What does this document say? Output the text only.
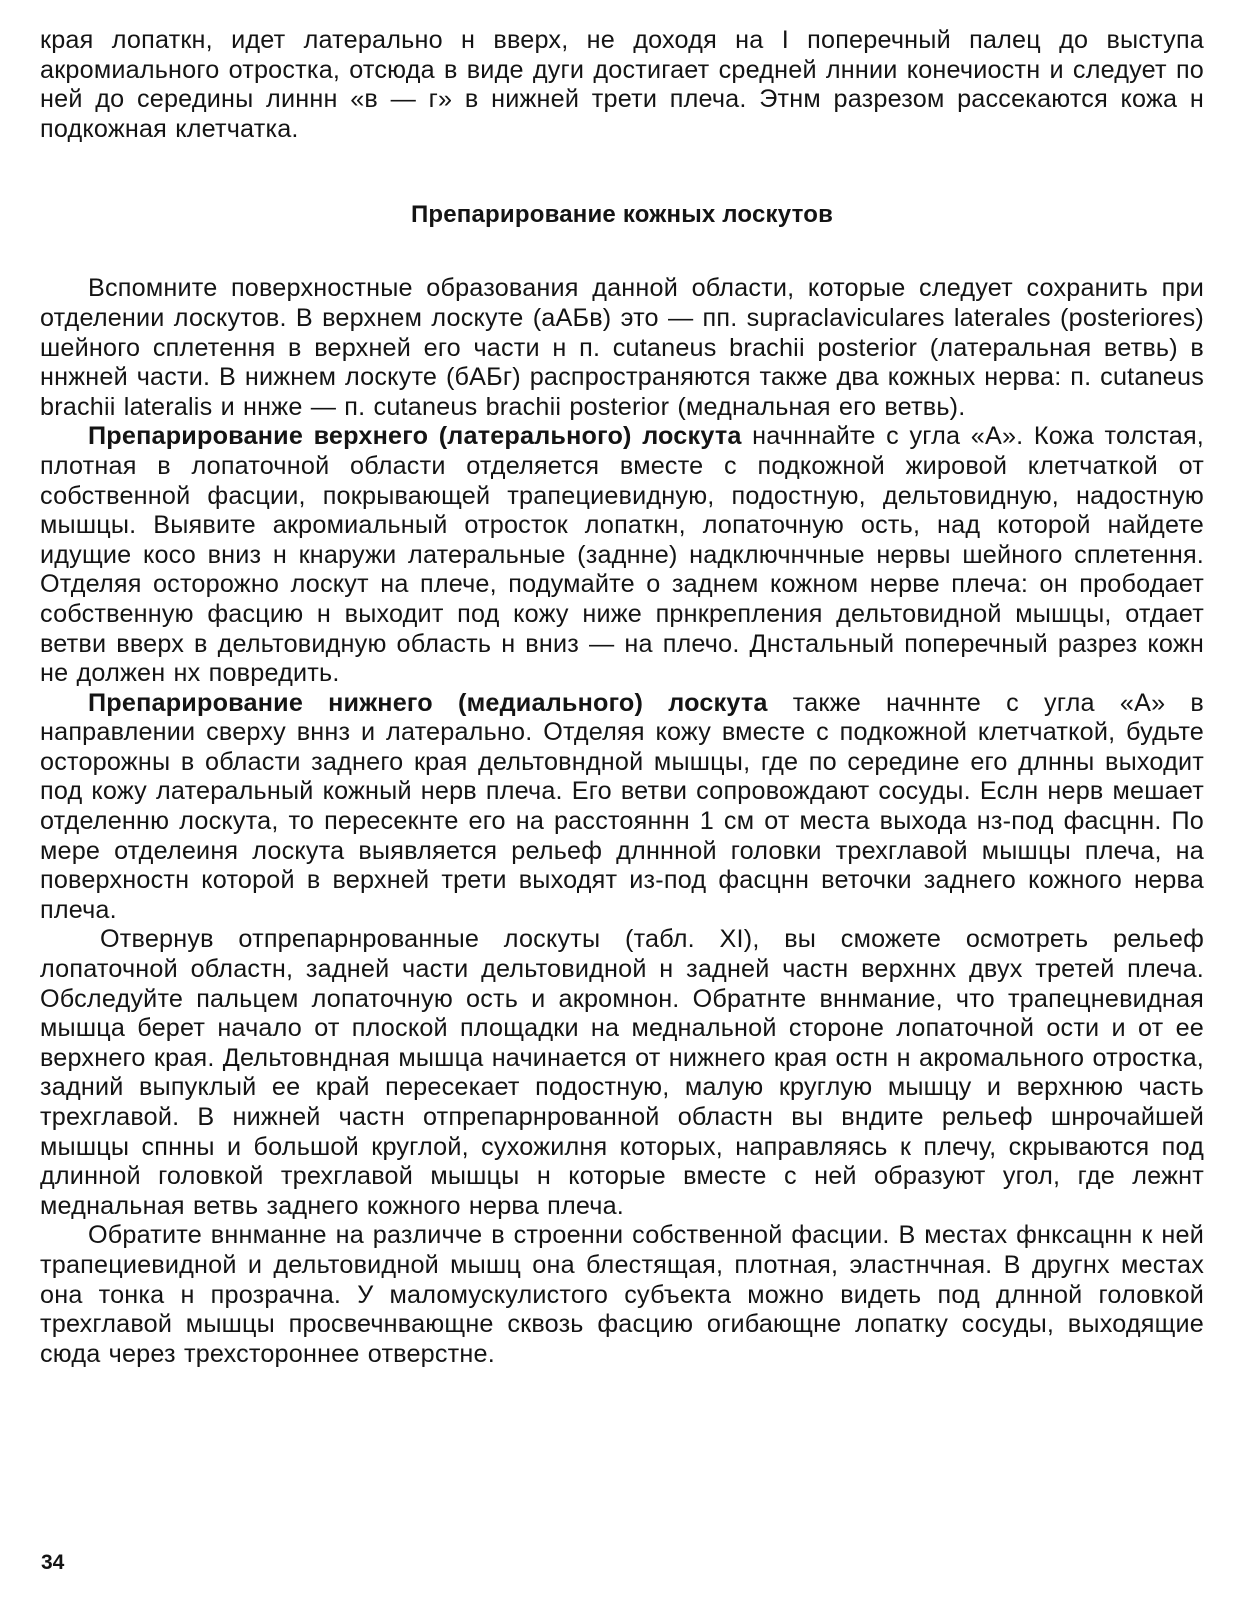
края лопаткн, идет латерально н вверх, не доходя на I поперечный палец до выступа акромиального отростка, отсюда в виде дуги достигает средней лннии конечиостн и следует по ней до середины линнн «в — г» в нижней трети плеча. Этнм разрезом рассекаются кожа н подкожная клетчатка.

Препарирование кожных лоскутов

Вспомните поверхностные образования данной области, которые следует сохранить при отделении лоскутов. В верхнем лоскуте (аАБв) это — пп. supraclaviculares laterales (posteriores) шейного сплетення в верхней его части н п. cutaneus brachii posterior (латеральная ветвь) в ннжней части. В нижнем лоскуте (бАБг) распространяются также два кожных нерва: п. cutaneus brachii lateralis и ннже — п. cutaneus brachii posterior (меднальная его ветвь).

Препарирование верхнего (латерального) лоскута начннайте с угла «А». Кожа толстая, плотная в лопаточной области отделяется вместе с подкожной жировой клетчаткой от собственной фасции, покрывающей трапециевидную, подостную, дельтовидную, надостную мышцы. Выявите акромиальный отросток лопаткн, лопаточную ость, над которой найдете идущие косо вниз н кнаружи латеральные (заднне) надключнчные нервы шейного сплетення. Отделяя осторожно лоскут на плече, подумайте о заднем кожном нерве плеча: он прободает собственную фасцию н выходит под кожу ниже прнкрепления дельтовидной мышцы, отдает ветви вверх в дельтовидную область н вниз — на плечо. Днстальный поперечный разрез кожн не должен нх повредить.

Препарирование нижнего (медиального) лоскута также начннте с угла «А» в направлении сверху вннз и латерально. Отделяя кожу вместе с подкожной клетчаткой, будьте осторожны в области заднего края дельтовндной мышцы, где по середине его длнны выходит под кожу латеральный кожный нерв плеча. Его ветви сопровождают сосуды. Еслн нерв мешает отделенню лоскута, то пересекнте его на расстояннн 1 см от места выхода нз-под фасцнн. По мере отделеиня лоскута выявляется рельеф длннной головки трехглавой мышцы плеча, на поверхностн которой в верхней трети выходят из-под фасцнн веточки заднего кожного нерва плеча.

Отвернув отпрепарнрованные лоскуты (табл. XI), вы сможете осмотреть рельеф лопаточной областн, задней части дельтовидной н задней частн верхннх двух третей плеча. Обследуйте пальцем лопаточную ость и акромнон. Обратнте вннмание, что трапецневидная мышца берет начало от плоской площадки на меднальной стороне лопаточной ости и от ее верхнего края. Дельтовндная мышца начинается от нижнего края остн н акромального отростка, задний выпуклый ее край пересекает подостную, малую круглую мышцу и верхнюю часть трехглавой. В нижней частн отпрепарнрованной областн вы вндите рельеф шнрочайшей мышцы спнны и большой круглой, сухожилня которых, направляясь к плечу, скрываются под длинной головкой трехглавой мышцы н которые вместе с ней образуют угол, где лежнт меднальная ветвь заднего кожного нерва плеча.

Обратите вннманне на различче в строенни собственной фасции. В местах фнксацнн к ней трапециевидной и дельтовидной мышц она блестящая, плотная, эластнчная. В другнх местах она тонка н прозрачна. У маломускулистого субъекта можно видеть под длнной головкой трехглавой мышцы просвечнвающне сквозь фасцию огибающне лопатку сосуды, выходящие сюда через трехстороннее отверстне.

34
